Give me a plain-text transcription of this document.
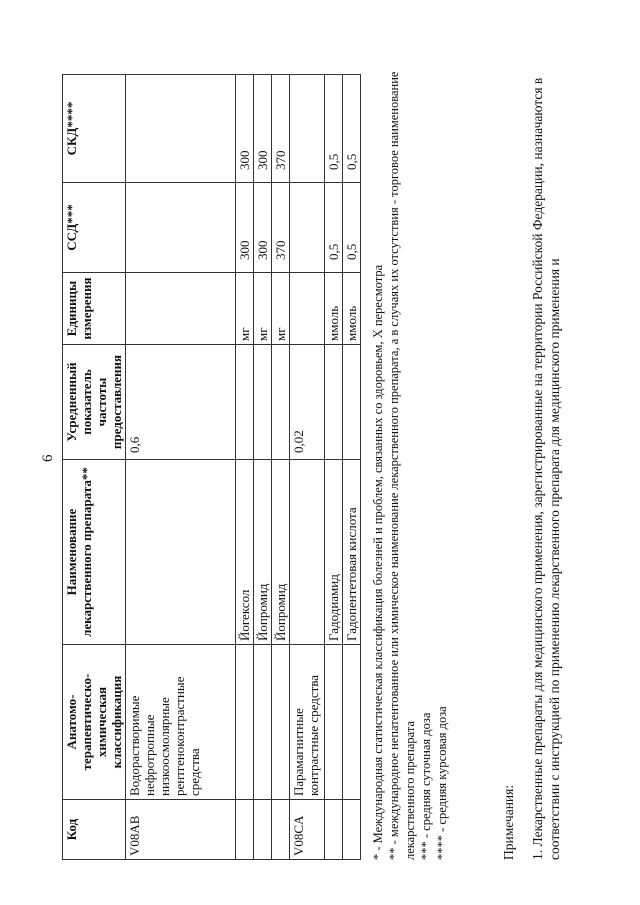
6
Код	Анатомо-терапевтическо-химическая классификация	Наименование лекарственного препарата**	Усредненный показатель частоты предоставления	Единицы измерения	ССД***	СКД****
V08AB	Водорастворимые нефротропные низкоосмолярные рентгеноконтрастные средства		0,6			
		Йогексол		мг	300	300
		Йопромид		мг	300	300
		Йопромид		мг	370	370
V08CA	Парамагнитные контрастные средства		0,02			
		Гадодиамид		ммоль	0,5	0,5
		Гадопентетовая кислота		ммоль	0,5	0,5

* - Международная статистическая классификация болезней и проблем, связанных со здоровьем, X пересмотра ** - международное непатентованное или химическое наименование лекарственного препарата, а в случаях их отсутствия - торговое наименование лекарственного препарата *** - средняя суточная доза **** - средняя курсовая доза	Примечания: 1. Лекарственные препараты для медицинского применения, зарегистрированные на территории Российской Федерации, назначаются в соответствии с инструкцией по применению лекарственного препарата для медицинского применения и
